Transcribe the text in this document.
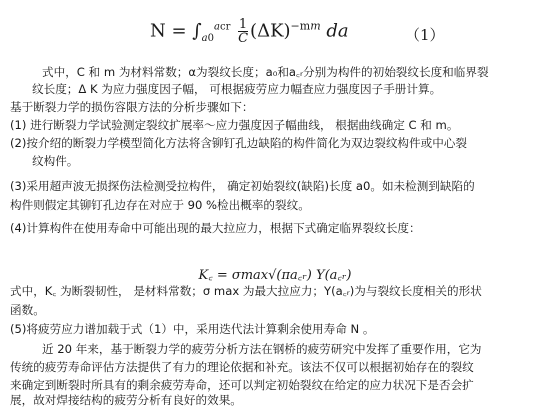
$N = \int_{a0}^{acr} \frac{1}{C} (\Delta K)^{-mm}$ da	（1）
式中，C 和 m 为材料常数；α为裂纹长度；a₀和a꜀ᵣ分别为构件的初始裂纹长度和临界裂
纹长度；Δ K 为应力强度因子幅， 可根据疲劳应力幅查应力强度因子手册计算。
基于断裂力学的损伤容限方法的分析步骤如下：
(1) 进行断裂力学试验测定裂纹扩展率～应力强度因子幅曲线， 根据曲线确定 C 和 m。
(2)按介绍的断裂力学模型简化方法将含铆钉孔边缺陷的构件简化为双边裂纹构件或中心裂
纹构件。
(3)采用超声波无损探伤法检测受拉构件， 确定初始裂纹(缺陷)长度 a0。如未检测到缺陷的
构件则假定其铆钉孔边存在对应于 90 %检出概率的裂纹。
(4)计算构件在使用寿命中可能出现的最大拉应力，根据下式确定临界裂纹长度：
K꜀ = σmax√(πa꜀ᵣ) Y(a꜀ᵣ)
式中，K꜀ 为断裂韧性， 是材料常数；σ max 为最大拉应力；Y(a꜀ᵣ)为与裂纹长度相关的形状
函数。
(5)将疲劳应力谱加载于式（1）中，采用迭代法计算剩余使用寿命 N 。
近 20 年来，基于断裂力学的疲劳分析方法在钢桥的疲劳研究中发挥了重要作用，它为
传统的疲劳寿命评估方法提供了有力的理论依据和补充。该法不仅可以根据初始存在的裂纹
来确定到断裂时所具有的剩余疲劳寿命，还可以判定初始裂纹在给定的应力状况下是否会扩
展，故对焊接结构的疲劳分析有良好的效果。
